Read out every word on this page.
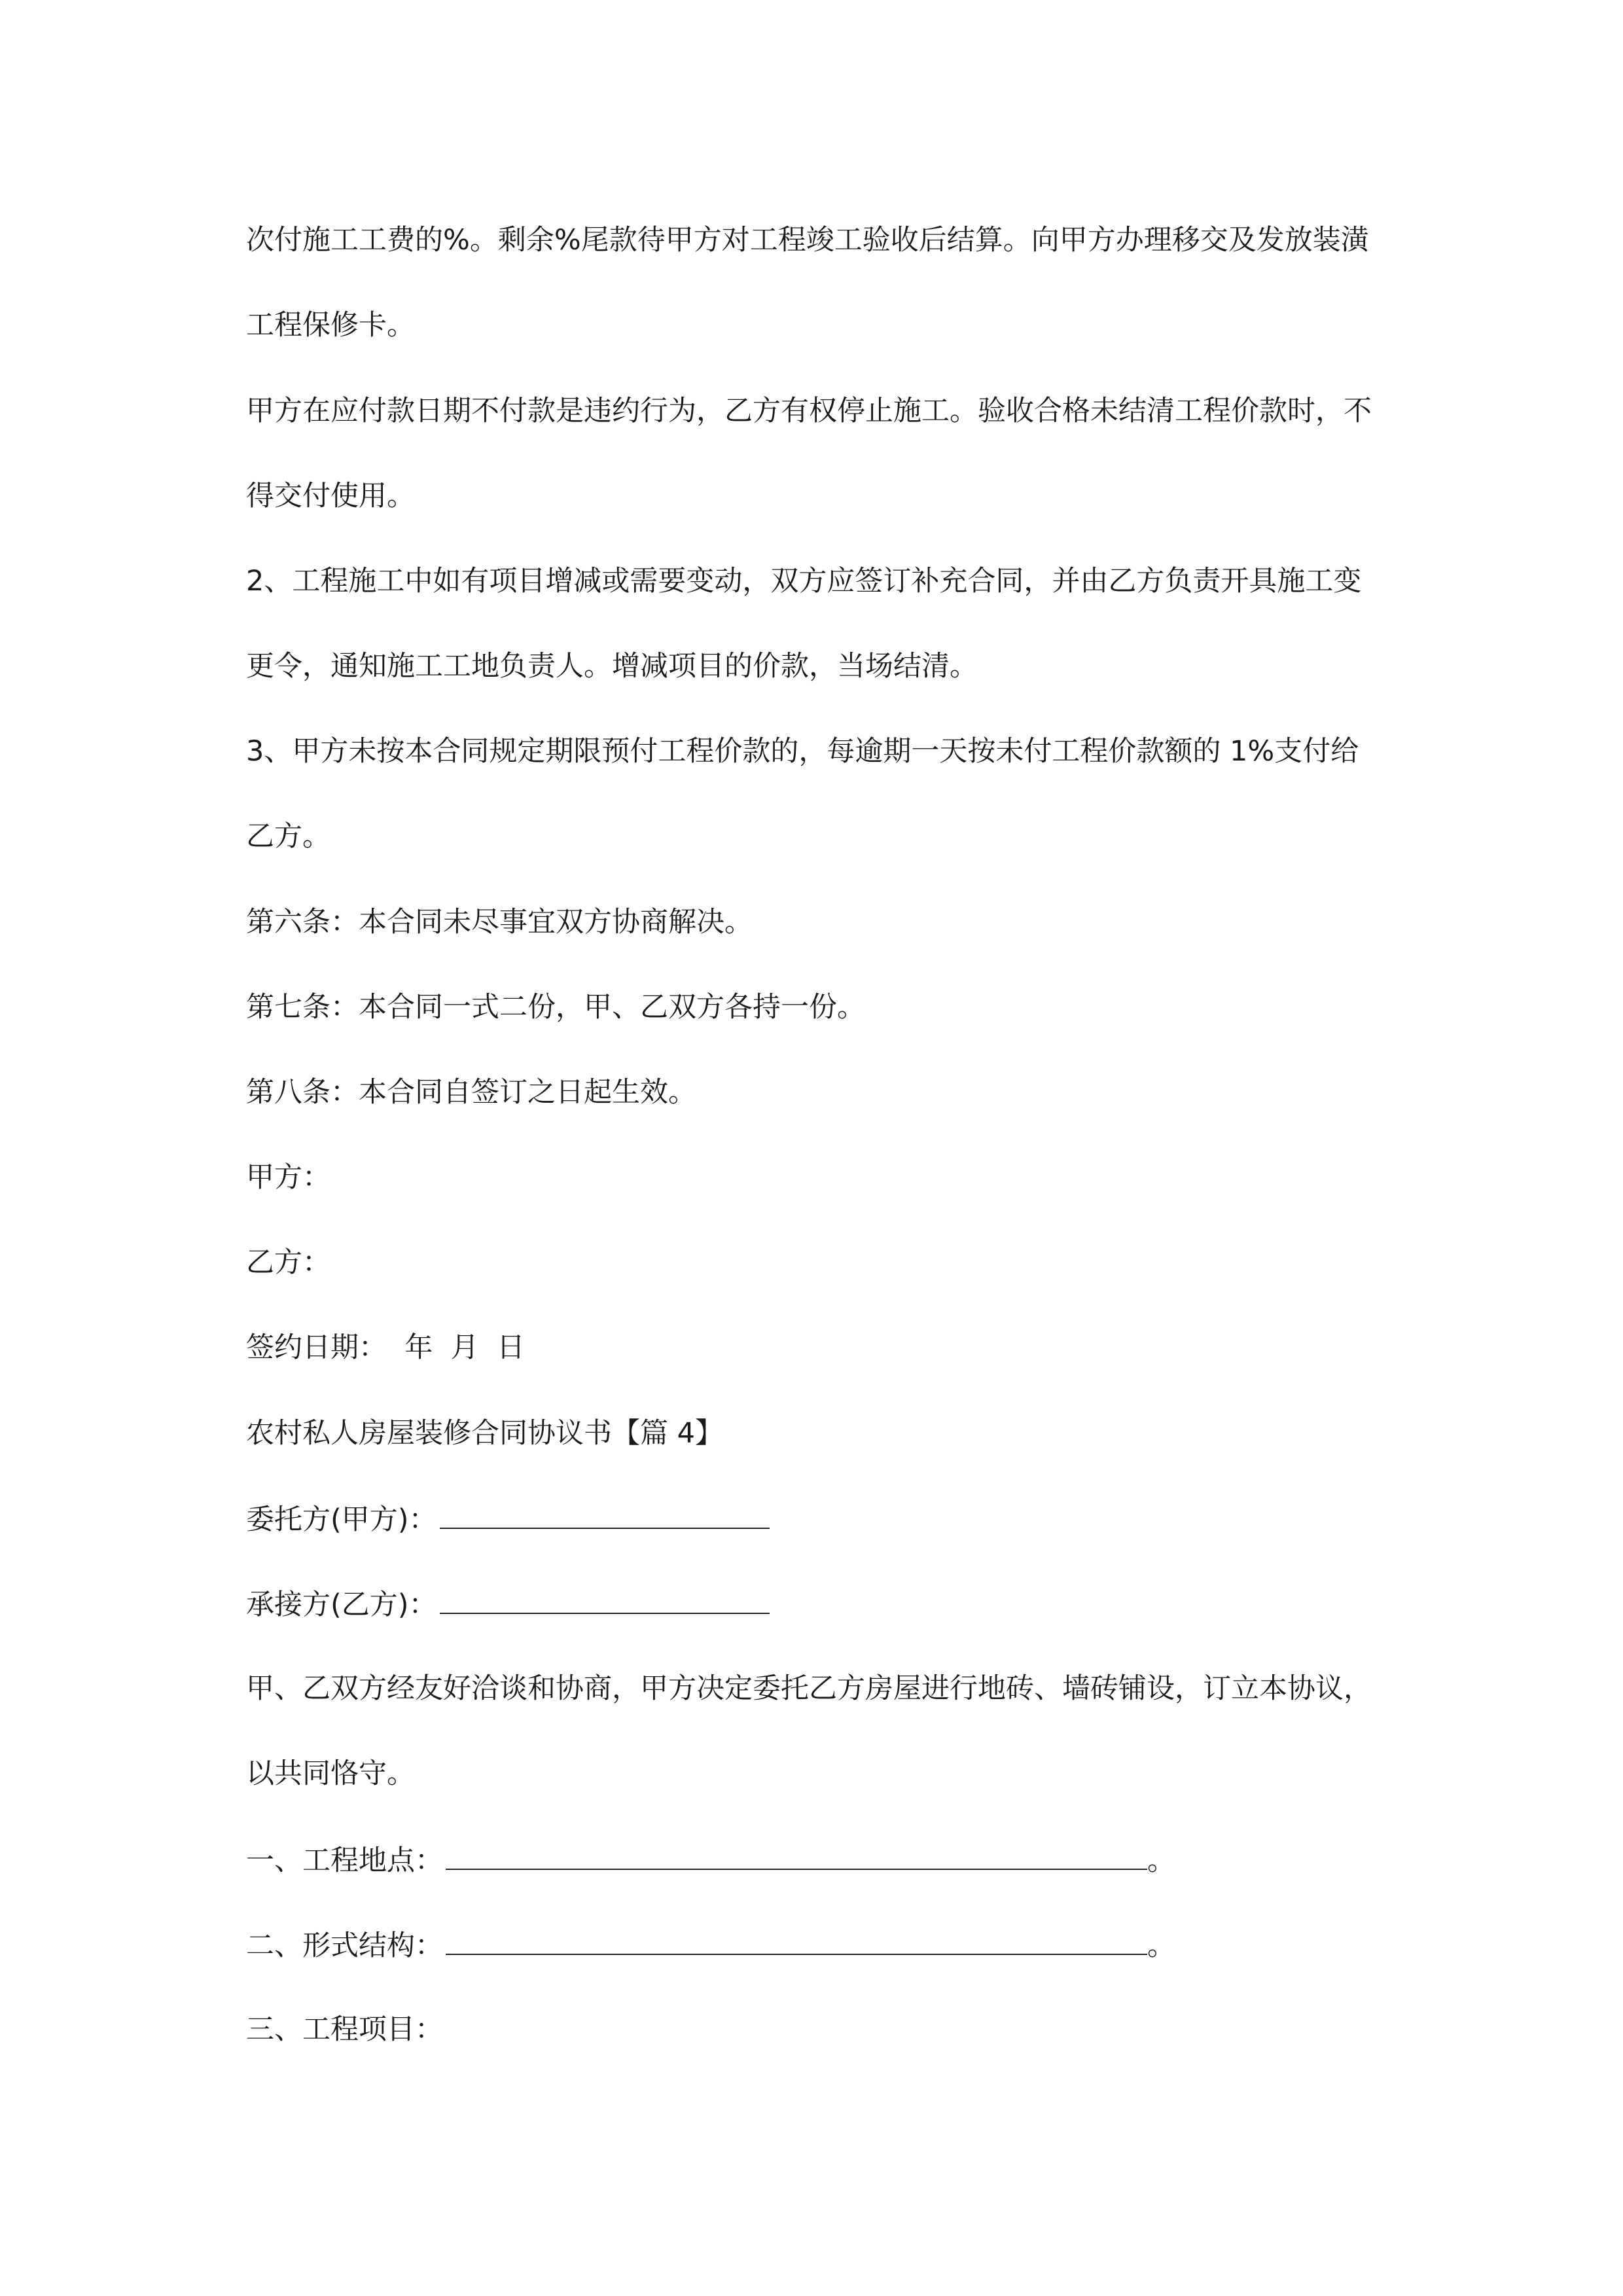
次付施工工费的%。剩余%尾款待甲方对工程竣工验收后结算。向甲方办理移交及发放装潢
工程保修卡。
甲方在应付款日期不付款是违约行为，乙方有权停止施工。验收合格未结清工程价款时，不
得交付使用。
2、工程施工中如有项目增减或需要变动，双方应签订补充合同，并由乙方负责开具施工变
更令，通知施工工地负责人。增减项目的价款，当场结清。
3、甲方未按本合同规定期限预付工程价款的，每逾期一天按未付工程价款额的 1%支付给
乙方。
第六条：本合同未尽事宜双方协商解决。
第七条：本合同一式二份，甲、乙双方各持一份。
第八条：本合同自签订之日起生效。
甲方：
乙方：
签约日期：  年  月  日
农村私人房屋装修合同协议书【篇 4】
委托方(甲方)：
承接方(乙方)：
甲、乙双方经友好洽谈和协商，甲方决定委托乙方房屋进行地砖、墙砖铺设，订立本协议，
以共同恪守。
一、工程地点：	。
二、形式结构：	。
三、工程项目：
